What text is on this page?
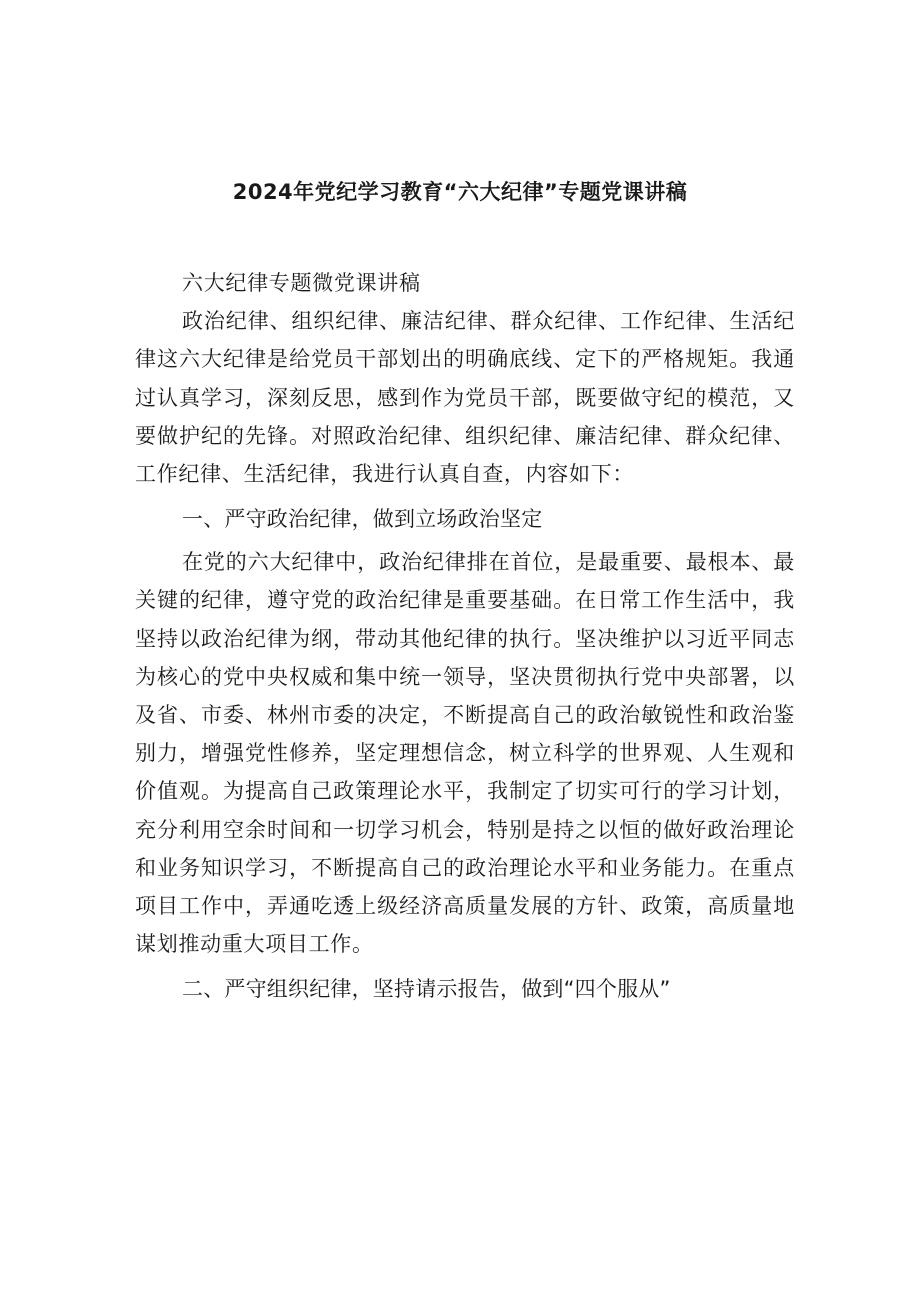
2024年党纪学习教育“六大纪律”专题党课讲稿

六大纪律专题微党课讲稿

政治纪律、组织纪律、廉洁纪律、群众纪律、工作纪律、生活纪律这六大纪律是给党员干部划出的明确底线、定下的严格规矩。我通过认真学习，深刻反思，感到作为党员干部，既要做守纪的模范，又要做护纪的先锋。对照政治纪律、组织纪律、廉洁纪律、群众纪律、工作纪律、生活纪律，我进行认真自查，内容如下：

一、严守政治纪律，做到立场政治坚定

在党的六大纪律中，政治纪律排在首位，是最重要、最根本、最关键的纪律，遵守党的政治纪律是重要基础。在日常工作生活中，我坚持以政治纪律为纲，带动其他纪律的执行。坚决维护以习近平同志为核心的党中央权威和集中统一领导，坚决贯彻执行党中央部署，以及省、市委、林州市委的决定，不断提高自己的政治敏锐性和政治鉴别力，增强党性修养，坚定理想信念，树立科学的世界观、人生观和价值观。为提高自己政策理论水平，我制定了切实可行的学习计划，充分利用空余时间和一切学习机会，特别是持之以恒的做好政治理论和业务知识学习，不断提高自己的政治理论水平和业务能力。在重点项目工作中，弄通吃透上级经济高质量发展的方针、政策，高质量地谋划推动重大项目工作。

二、严守组织纪律，坚持请示报告，做到“四个服从”
